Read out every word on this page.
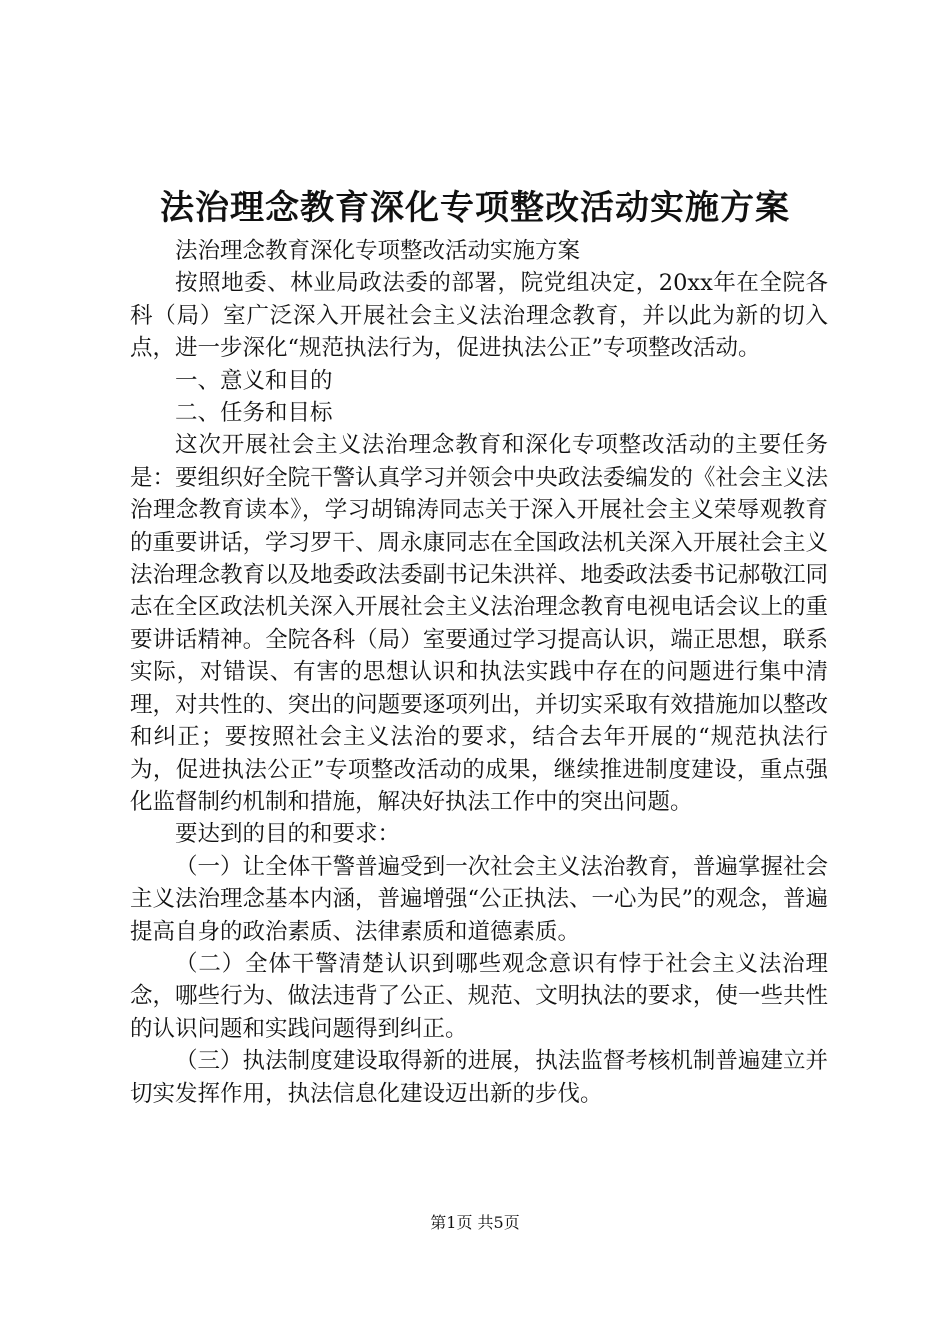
法治理念教育深化专项整改活动实施方案

法治理念教育深化专项整改活动实施方案

按照地委、林业局政法委的部署，院党组决定，20xx年在全院各科（局）室广泛深入开展社会主义法治理念教育，并以此为新的切入点，进一步深化“规范执法行为，促进执法公正”专项整改活动。

一、意义和目的

二、任务和目标

这次开展社会主义法治理念教育和深化专项整改活动的主要任务是：要组织好全院干警认真学习并领会中央政法委编发的《社会主义法治理念教育读本》，学习胡锦涛同志关于深入开展社会主义荣辱观教育的重要讲话，学习罗干、周永康同志在全国政法机关深入开展社会主义法治理念教育以及地委政法委副书记朱洪祥、地委政法委书记郝敬江同志在全区政法机关深入开展社会主义法治理念教育电视电话会议上的重要讲话精神。全院各科（局）室要通过学习提高认识，端正思想，联系实际，对错误、有害的思想认识和执法实践中存在的问题进行集中清理，对共性的、突出的问题要逐项列出，并切实采取有效措施加以整改和纠正；要按照社会主义法治的要求，结合去年开展的“规范执法行为，促进执法公正”专项整改活动的成果，继续推进制度建设，重点强化监督制约机制和措施，解决好执法工作中的突出问题。

要达到的目的和要求：

（一）让全体干警普遍受到一次社会主义法治教育，普遍掌握社会主义法治理念基本内涵，普遍增强“公正执法、一心为民”的观念，普遍提高自身的政治素质、法律素质和道德素质。

（二）全体干警清楚认识到哪些观念意识有悖于社会主义法治理念，哪些行为、做法违背了公正、规范、文明执法的要求，使一些共性的认识问题和实践问题得到纠正。

（三）执法制度建设取得新的进展，执法监督考核机制普遍建立并切实发挥作用，执法信息化建设迈出新的步伐。

第1页 共5页
